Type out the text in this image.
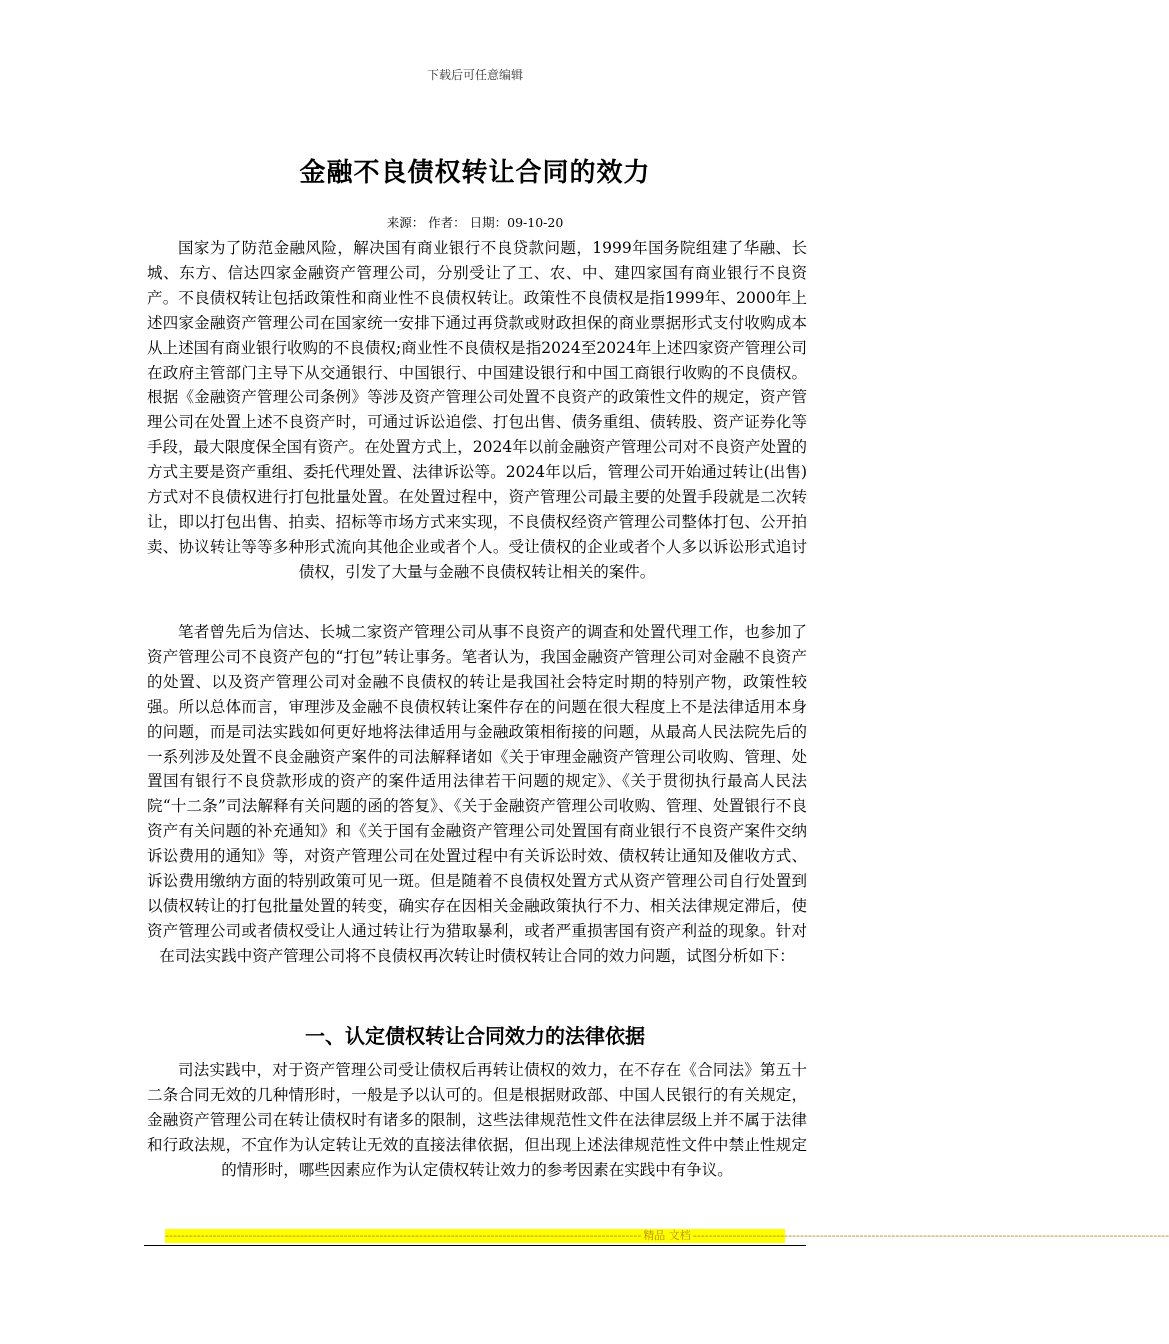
下载后可任意编辑
金融不良债权转让合同的效力
来源： 作者： 日期：09-10-20

国家为了防范金融风险，解决国有商业银行不良贷款问题，1999年国务院组建了华融、长城、东方、信达四家金融资产管理公司，分别受让了工、农、中、建四家国有商业银行不良资产。不良债权转让包括政策性和商业性不良债权转让。政策性不良债权是指1999年、2000年上述四家金融资产管理公司在国家统一安排下通过再贷款或财政担保的商业票据形式支付收购成本从上述国有商业银行收购的不良债权;商业性不良债权是指2024至2024年上述四家资产管理公司在政府主管部门主导下从交通银行、中国银行、中国建设银行和中国工商银行收购的不良债权。根据《金融资产管理公司条例》等涉及资产管理公司处置不良资产的政策性文件的规定，资产管理公司在处置上述不良资产时，可通过诉讼追偿、打包出售、债务重组、债转股、资产证券化等手段，最大限度保全国有资产。在处置方式上，2024年以前金融资产管理公司对不良资产处置的方式主要是资产重组、委托代理处置、法律诉讼等。2024年以后，管理公司开始通过转让(出售)方式对不良债权进行打包批量处置。在处置过程中，资产管理公司最主要的处置手段就是二次转让，即以打包出售、拍卖、招标等市场方式来实现，不良债权经资产管理公司整体打包、公开拍卖、协议转让等等多种形式流向其他企业或者个人。受让债权的企业或者个人多以诉讼形式追讨债权，引发了大量与金融不良债权转让相关的案件。

笔者曾先后为信达、长城二家资产管理公司从事不良资产的调查和处置代理工作，也参加了资产管理公司不良资产包的“打包”转让事务。笔者认为，我国金融资产管理公司对金融不良资产的处置、以及资产管理公司对金融不良债权的转让是我国社会特定时期的特别产物，政策性较强。所以总体而言，审理涉及金融不良债权转让案件存在的问题在很大程度上不是法律适用本身的问题，而是司法实践如何更好地将法律适用与金融政策相衔接的问题，从最高人民法院先后的一系列涉及处置不良金融资产案件的司法解释诸如《关于审理金融资产管理公司收购、管理、处置国有银行不良贷款形成的资产的案件适用法律若干问题的规定》、《关于贯彻执行最高人民法院“十二条”司法解释有关问题的函的答复》、《关于金融资产管理公司收购、管理、处置银行不良资产有关问题的补充通知》和《关于国有金融资产管理公司处置国有商业银行不良资产案件交纳诉讼费用的通知》等，对资产管理公司在处置过程中有关诉讼时效、债权转让通知及催收方式、诉讼费用缴纳方面的特别政策可见一斑。但是随着不良债权处置方式从资产管理公司自行处置到以债权转让的打包批量处置的转变，确实存在因相关金融政策执行不力、相关法律规定滞后，使资产管理公司或者债权受让人通过转让行为猎取暴利，或者严重损害国有资产利益的现象。针对在司法实践中资产管理公司将不良债权再次转让时债权转让合同的效力问题，试图分析如下：

一、认定债权转让合同效力的法律依据

司法实践中，对于资产管理公司受让债权后再转让债权的效力，在不存在《合同法》第五十二条合同无效的几种情形时，一般是予以认可的。但是根据财政部、中国人民银行的有关规定，金融资产管理公司在转让债权时有诸多的限制，这些法律规范性文件在法律层级上并不属于法律和行政法规，不宜作为认定转让无效的直接法律依据，但出现上述法律规范性文件中禁止性规定的情形时，哪些因素应作为认定债权转让效力的参考因素在实践中有争议。

------------------------------------------------------------------------------------------------------------------------ 精品 文档 ------------------------------------------------------------------------------------------------------------------------
